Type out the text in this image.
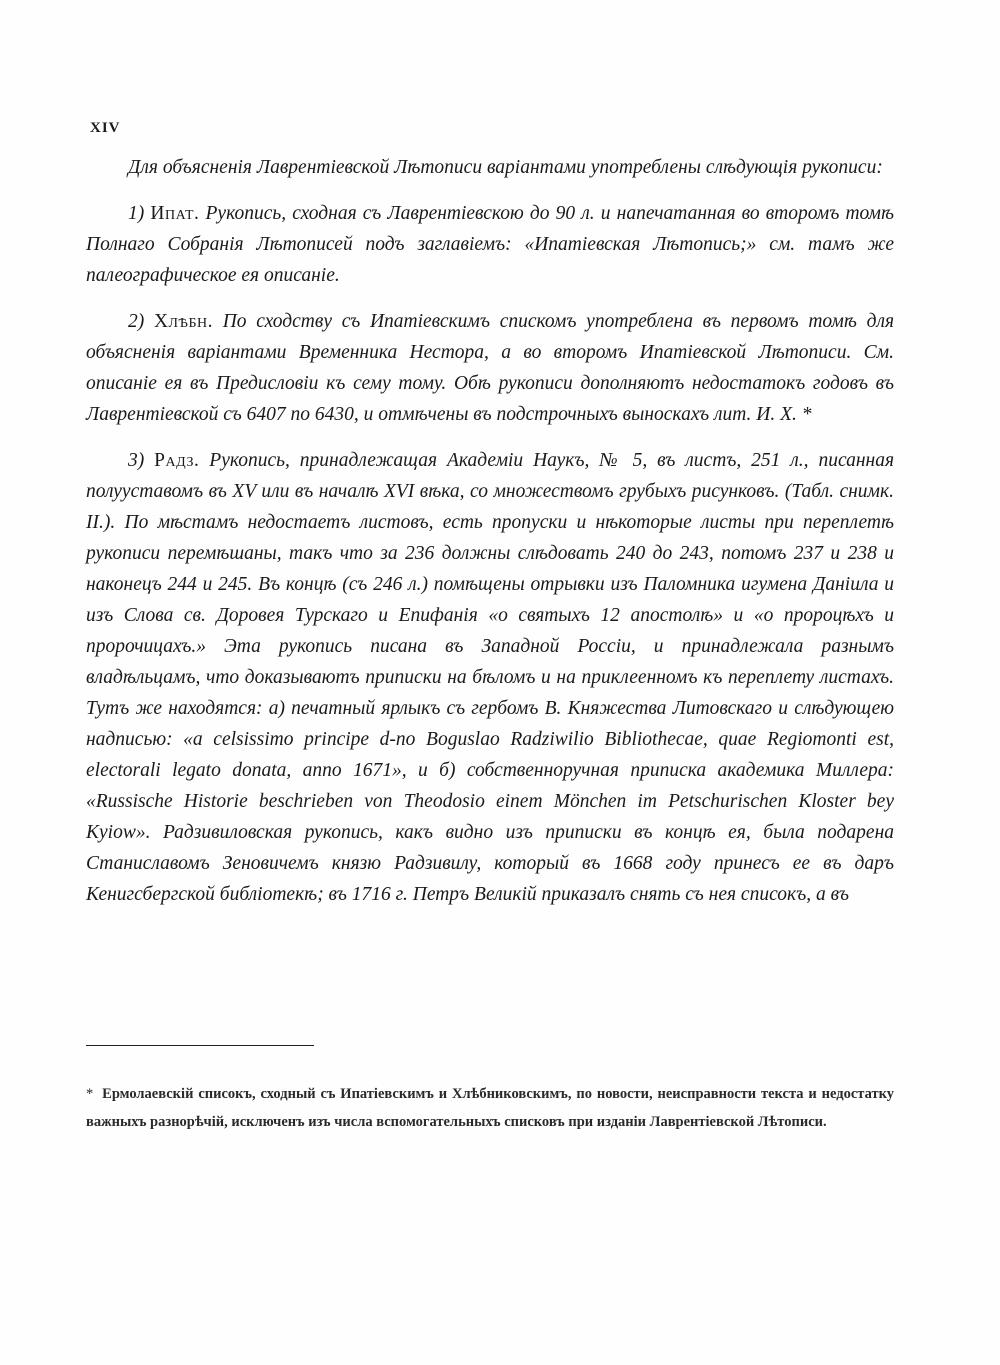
XIV

Для объясненія Лаврентіевской Лѣтописи варіантами употреблены слѣдующія рукописи:

1) Ипат. Рукопись, сходная съ Лаврентіевскою до 90 л. и напечатанная во второмъ томѣ Полнаго Собранія Лѣтописей подъ заглавіемъ: «Ипатіевская Лѣтопись;» см. тамъ же палеографическое ея описаніе.

2) Хлѣбн. По сходству съ Ипатіевскимъ спискомъ употреблена въ первомъ томѣ для объясненія варіантами Временника Нестора, а во второмъ Ипатіевской Лѣтописи. См. описаніе ея въ Предисловіи къ сему тому. Обѣ рукописи дополняютъ недостатокъ годовъ въ Лаврентіевской съ 6407 по 6430, и отмѣчены въ подстрочныхъ выноскахъ лит. И. Х. *

3) Радз. Рукопись, принадлежащая Академіи Наукъ, № 5, въ листъ, 251 л., писанная полууставомъ въ XV или въ началѣ XVI вѣка, со множествомъ грубыхъ рисунковъ. (Табл. снимк. II.). По мѣстамъ недостаетъ листовъ, есть пропуски и нѣкоторые листы при переплетѣ рукописи перемѣшаны, такъ что за 236 должны слѣдовать 240 до 243, потомъ 237 и 238 и наконецъ 244 и 245. Въ концѣ (съ 246 л.) помѣщены отрывки изъ Паломника игумена Даніила и изъ Слова св. Доровея Турскаго и Епифанія «о святыхъ 12 апостолѣ» и «о пророцѣхъ и пророчицахъ.» Эта рукопись писана въ Западной Россіи, и принадлежала разнымъ владѣльцамъ, что доказываютъ приписки на бѣломъ и на приклеенномъ къ переплету листахъ. Тутъ же находятся: а) печатный ярлыкъ съ гербомъ В. Княжества Литовскаго и слѣдующею надписью: «a celsissimo principe d-no Boguslao Radziwilio Bibliothecae, quae Regiomonti est, electorali legato donata, anno 1671», и б) собственноручная приписка академика Миллера: «Russische Historie beschrieben von Theodosio einem Mönchen im Petschurischen Kloster bey Kyiow». Радзивиловская рукопись, какъ видно изъ приписки въ концѣ ея, была подарена Станиславомъ Зеновичемъ князю Радзивилу, который въ 1668 году принесъ ее въ даръ Кенигсбергской библіотекѣ; въ 1716 г. Петръ Великій приказалъ снять съ нея списокъ, а въ

* Ермолаевскій списокъ, сходный съ Ипатіевскимъ и Хлѣбниковскимъ, по новости, неисправности текста и недостатку важныхъ разнорѣчій, исключенъ изъ числа вспомогательныхъ списковъ при изданіи Лаврентіевской Лѣтописи.
